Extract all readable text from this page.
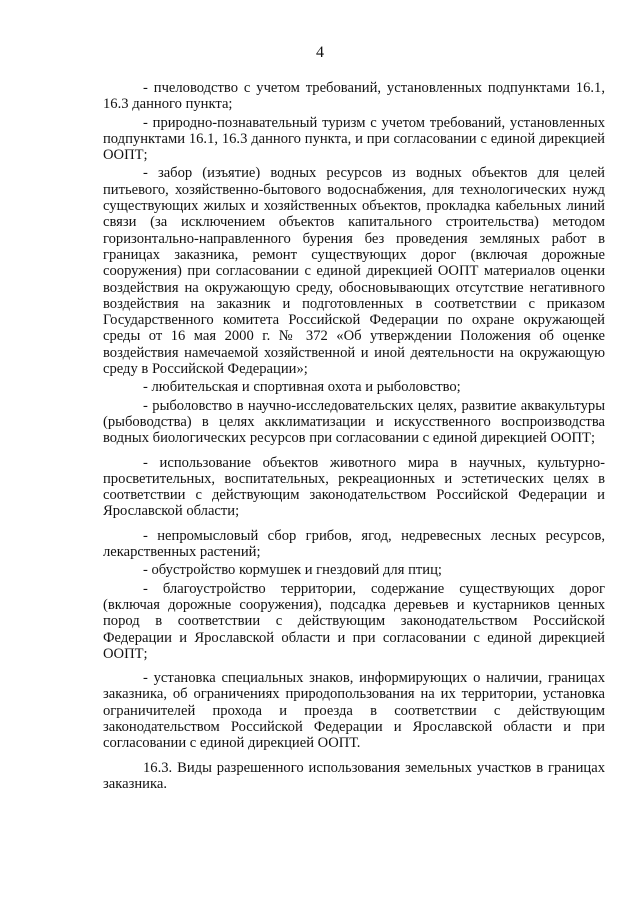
4

- пчеловодство с учетом требований, установленных подпунктами 16.1, 16.3 данного пункта;

- природно-познавательный туризм с учетом требований, установленных подпунктами 16.1, 16.3 данного пункта, и при согласовании с единой дирекцией ООПТ;

- забор (изъятие) водных ресурсов из водных объектов для целей питьевого, хозяйственно-бытового водоснабжения, для технологических нужд существующих жилых и хозяйственных объектов, прокладка кабельных линий связи (за исключением объектов капитального строительства) методом горизонтально-направленного бурения без проведения земляных работ в границах заказника, ремонт существующих дорог (включая дорожные сооружения) при согласовании с единой дирекцией ООПТ материалов оценки воздействия на окружающую среду, обосновывающих отсутствие негативного воздействия на заказник и подготовленных в соответствии с приказом Государственного комитета Российской Федерации по охране окружающей среды от 16 мая 2000 г. № 372 «Об утверждении Положения об оценке воздействия намечаемой хозяйственной и иной деятельности на окружающую среду в Российской Федерации»;

- любительская и спортивная охота и рыболовство;

- рыболовство в научно-исследовательских целях, развитие аквакультуры (рыбоводства) в целях акклиматизации и искусственного воспроизводства водных биологических ресурсов при согласовании с единой дирекцией ООПТ;

- использование объектов животного мира в научных, культурно-просветительных, воспитательных, рекреационных и эстетических целях в соответствии с действующим законодательством Российской Федерации и Ярославской области;

- непромысловый сбор грибов, ягод, недревесных лесных ресурсов, лекарственных растений;

- обустройство кормушек и гнездовий для птиц;

- благоустройство территории, содержание существующих дорог (включая дорожные сооружения), подсадка деревьев и кустарников ценных пород в соответствии с действующим законодательством Российской Федерации и Ярославской области и при согласовании с единой дирекцией ООПТ;

- установка специальных знаков, информирующих о наличии, границах заказника, об ограничениях природопользования на их территории, установка ограничителей прохода и проезда в соответствии с действующим законодательством Российской Федерации и Ярославской области и при согласовании с единой дирекцией ООПТ.

16.3. Виды разрешенного использования земельных участков в границах заказника.
